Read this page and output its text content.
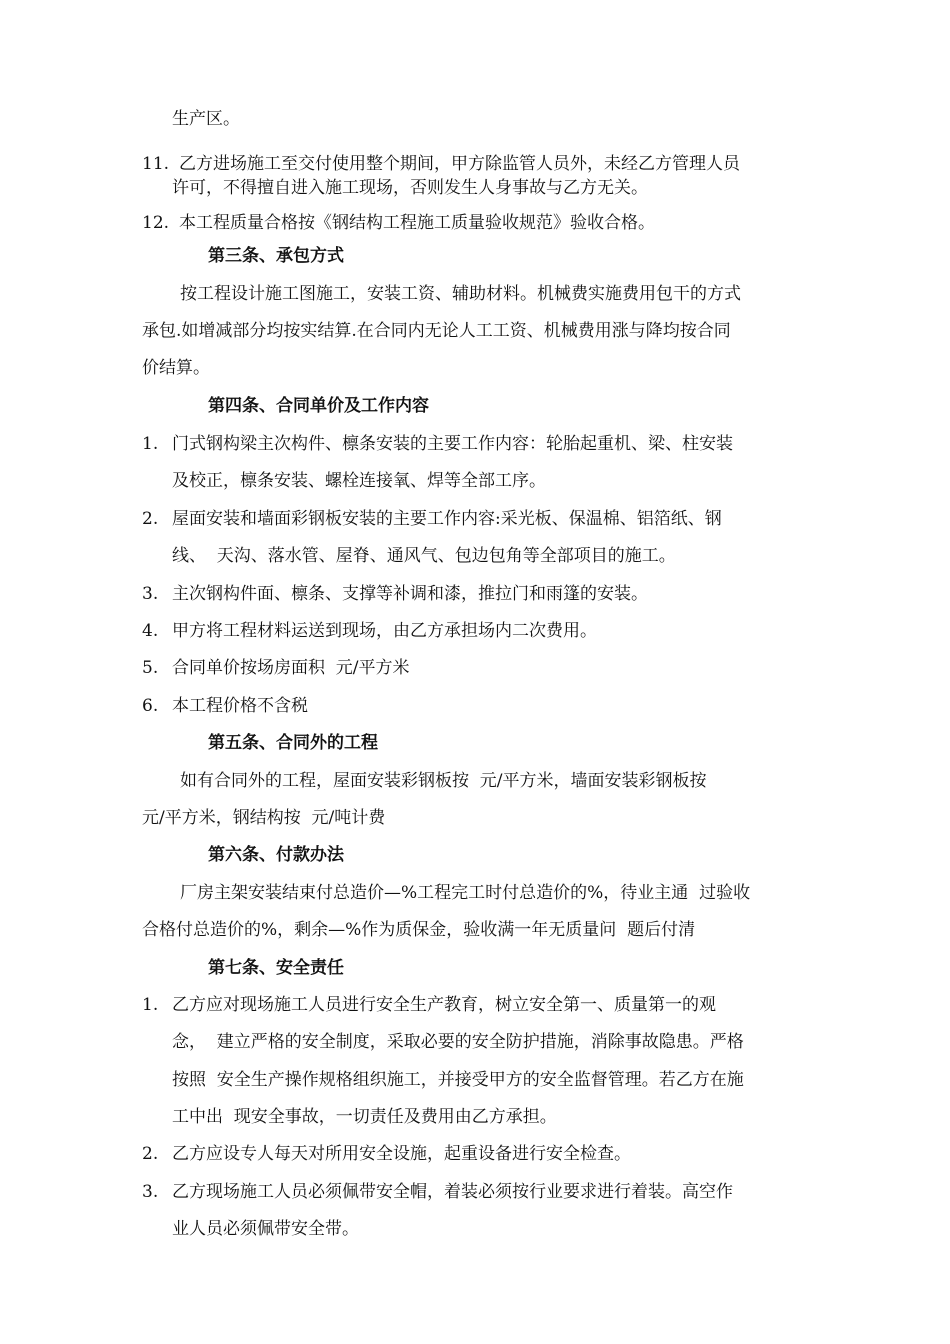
生产区。
11. 乙方进场施工至交付使用整个期间，甲方除监管人员外，未经乙方管理人员
许可，不得擅自进入施工现场，否则发生人身事故与乙方无关。
12. 本工程质量合格按《钢结构工程施工质量验收规范》验收合格。
第三条、承包方式
按工程设计施工图施工，安装工资、辅助材料。机械费实施费用包干的方式
承包.如增减部分均按实结算.在合同内无论人工工资、机械费用涨与降均按合同
价结算。
第四条、合同单价及工作内容
1. 门式钢构梁主次构件、檩条安装的主要工作内容：轮胎起重机、梁、柱安装
及校正，檩条安装、螺栓连接氧、焊等全部工序。
2. 屋面安装和墙面彩钢板安装的主要工作内容:采光板、保温棉、铝箔纸、钢
线、  天沟、落水管、屋脊、通风气、包边包角等全部项目的施工。
3. 主次钢构件面、檩条、支撑等补调和漆，推拉门和雨篷的安装。
4. 甲方将工程材料运送到现场，由乙方承担场内二次费用。
5. 合同单价按场房面积  元/平方米
6. 本工程价格不含税
第五条、合同外的工程
如有合同外的工程，屋面安装彩钢板按  元/平方米，墙面安装彩钢板按
元/平方米，钢结构按  元/吨计费
第六条、付款办法
厂房主架安装结束付总造价—%工程完工时付总造价的%，待业主通  过验收
合格付总造价的%，剩余—%作为质保金，验收满一年无质量问  题后付清
第七条、安全责任
1. 乙方应对现场施工人员进行安全生产教育，树立安全第一、质量第一的观
念，  建立严格的安全制度，采取必要的安全防护措施，消除事故隐患。严格
按照  安全生产操作规格组织施工，并接受甲方的安全监督管理。若乙方在施
工中出  现安全事故，一切责任及费用由乙方承担。
2. 乙方应设专人每天对所用安全设施，起重设备进行安全检查。
3. 乙方现场施工人员必须佩带安全帽，着装必须按行业要求进行着装。高空作
业人员必须佩带安全带。
